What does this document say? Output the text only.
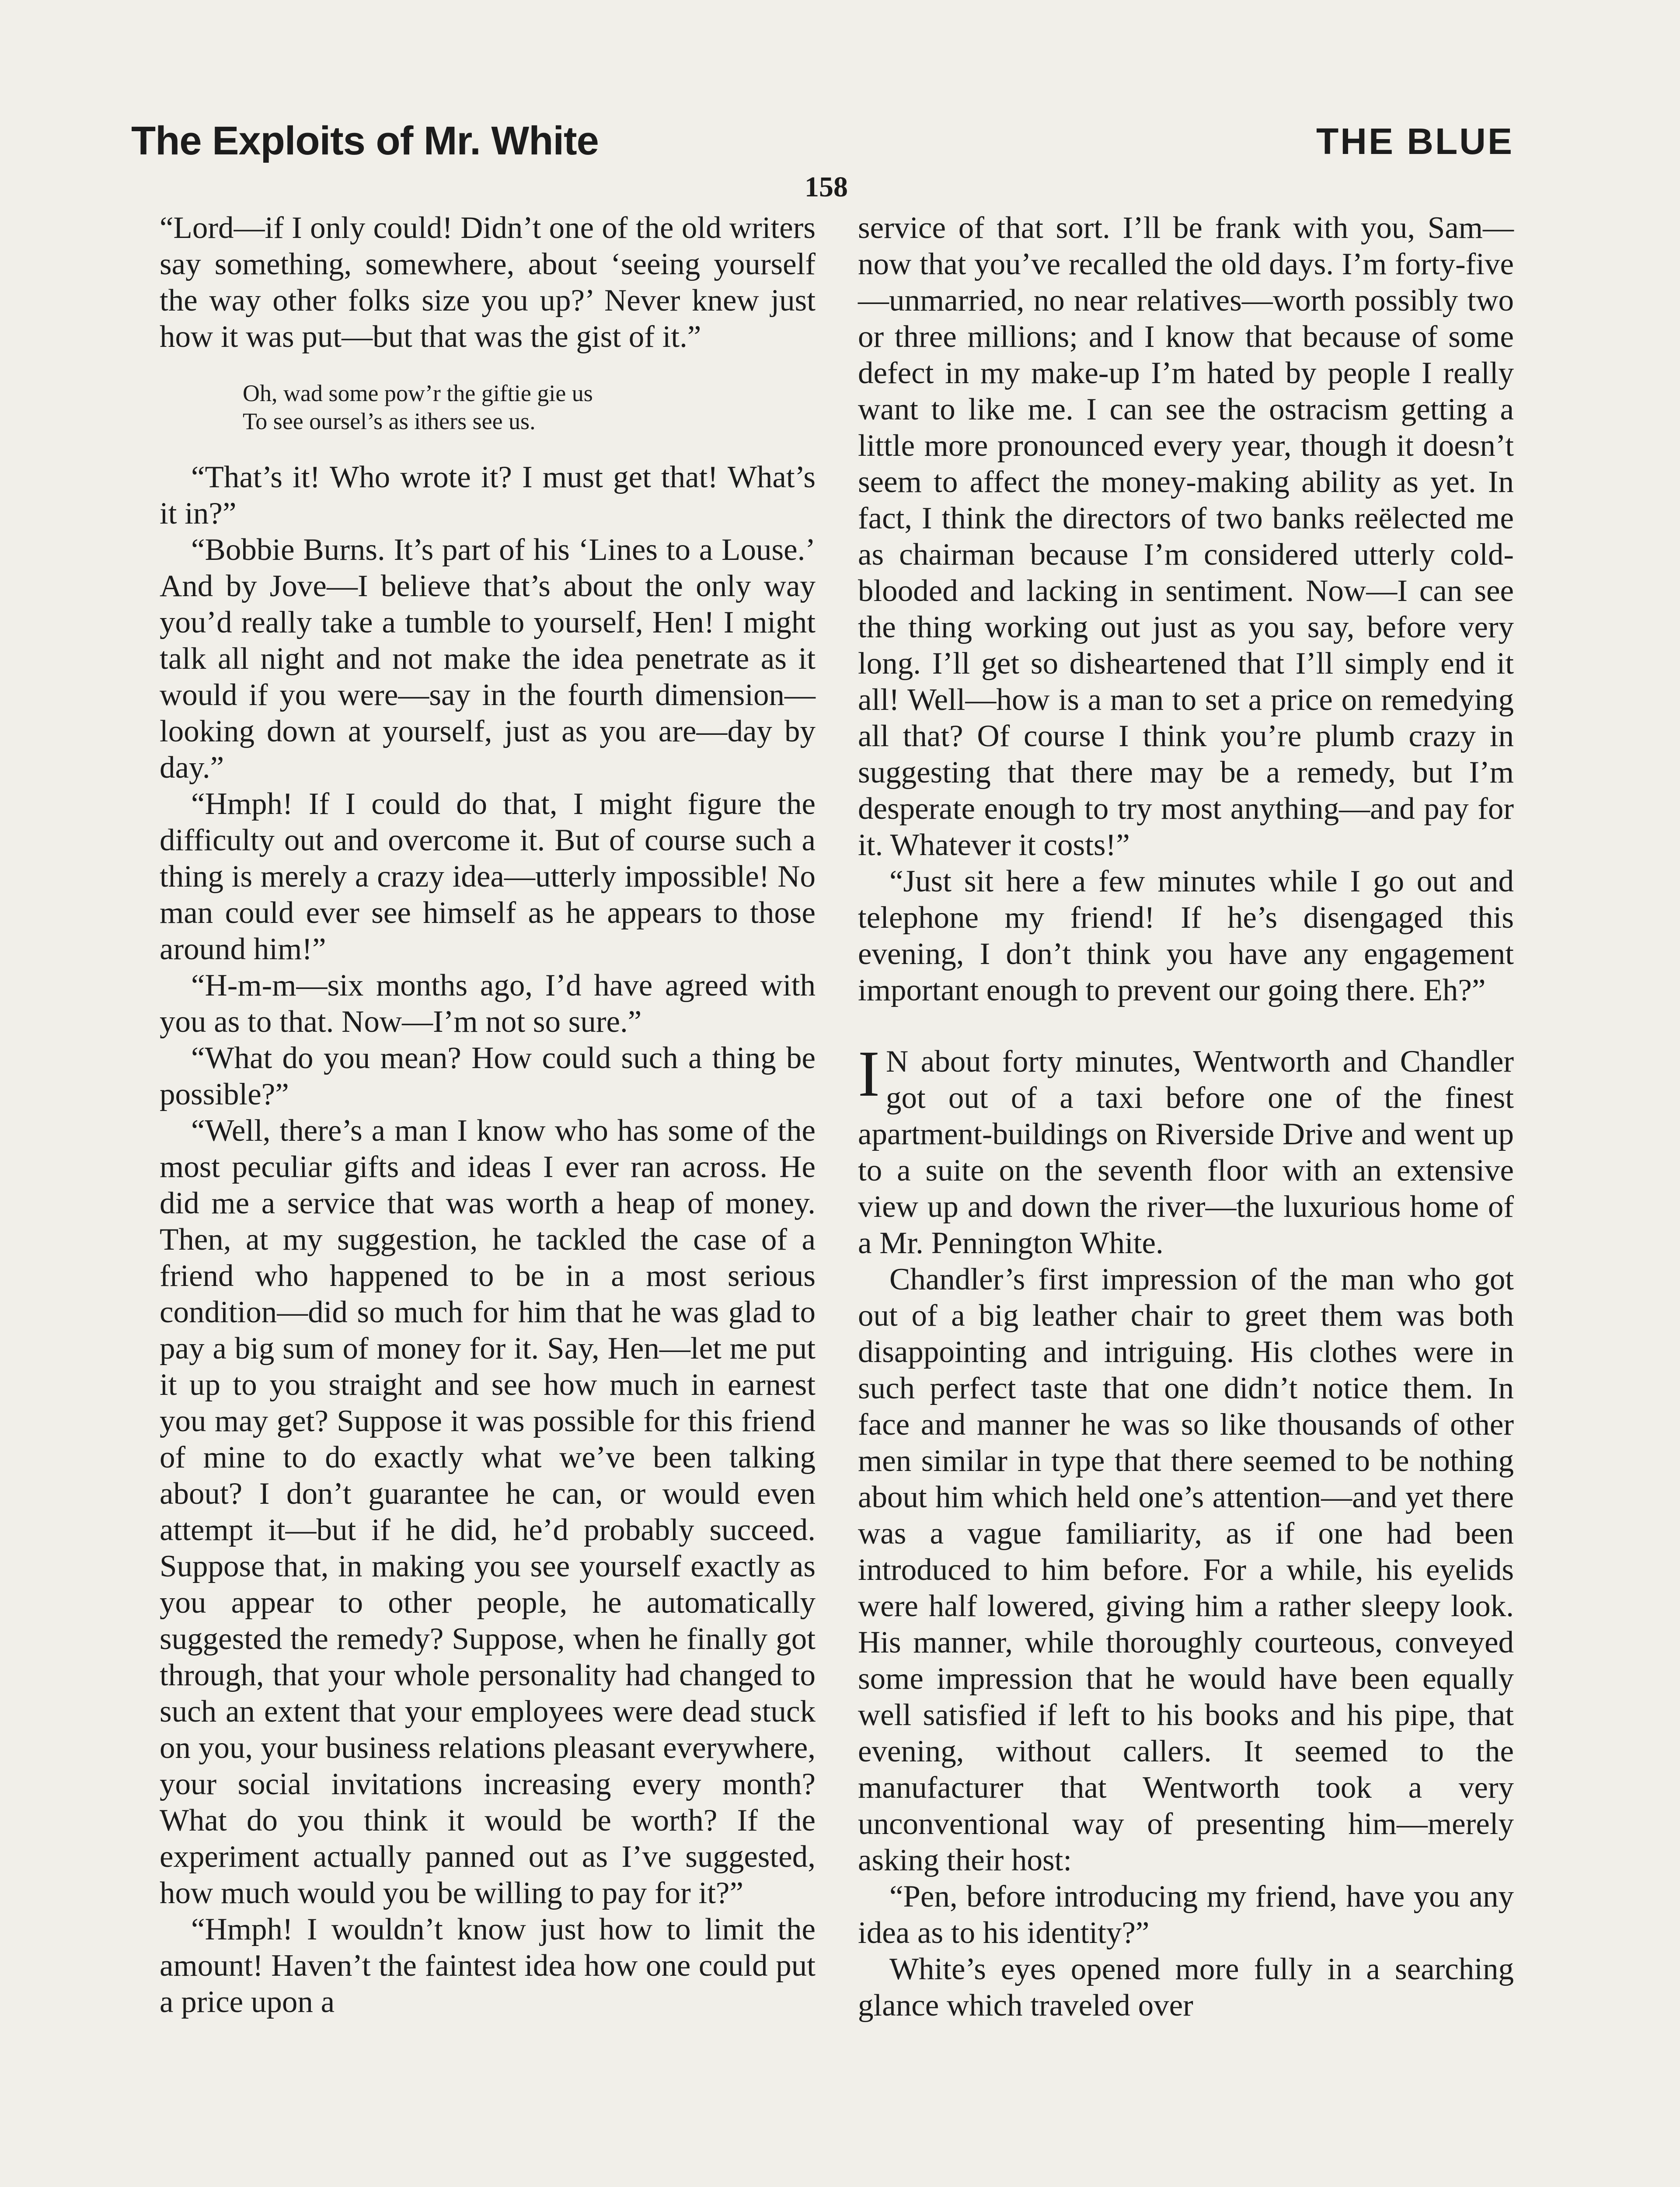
The Exploits of Mr. White	THE BLUE
158

“Lord—if I only could! Didn’t one of the old writers say something, somewhere, about ‘seeing yourself the way other folks size you up?’ Never knew just how it was put—but that was the gist of it.”

Oh, wad some pow’r the giftie gie us
To see oursel’s as ithers see us.

“That’s it! Who wrote it? I must get that! What’s it in?”

“Bobbie Burns. It’s part of his ‘Lines to a Louse.’ And by Jove—I believe that’s about the only way you’d really take a tumble to yourself, Hen! I might talk all night and not make the idea penetrate as it would if you were—say in the fourth dimension—looking down at yourself, just as you are—day by day.”

“Hmph! If I could do that, I might figure the difficulty out and overcome it. But of course such a thing is merely a crazy idea—utterly impossible! No man could ever see himself as he appears to those around him!”

“H-m-m—six months ago, I’d have agreed with you as to that. Now—I’m not so sure.”

“What do you mean? How could such a thing be possible?”

“Well, there’s a man I know who has some of the most peculiar gifts and ideas I ever ran across. He did me a service that was worth a heap of money. Then, at my suggestion, he tackled the case of a friend who happened to be in a most serious condition—did so much for him that he was glad to pay a big sum of money for it. Say, Hen—let me put it up to you straight and see how much in earnest you may get? Suppose it was possible for this friend of mine to do exactly what we’ve been talking about? I don’t guarantee he can, or would even attempt it—but if he did, he’d probably succeed. Suppose that, in making you see yourself exactly as you appear to other people, he automatically suggested the remedy? Suppose, when he finally got through, that your whole personality had changed to such an extent that your employees were dead stuck on you, your business relations pleasant everywhere, your social invitations increasing every month? What do you think it would be worth? If the experiment actually panned out as I’ve suggested, how much would you be willing to pay for it?”

“Hmph! I wouldn’t know just how to limit the amount! Haven’t the faintest idea how one could put a price upon a

service of that sort. I’ll be frank with you, Sam—now that you’ve recalled the old days. I’m forty-five—unmarried, no near relatives—worth possibly two or three millions; and I know that because of some defect in my make-up I’m hated by people I really want to like me. I can see the ostracism getting a little more pronounced every year, though it doesn’t seem to affect the money-making ability as yet. In fact, I think the directors of two banks reëlected me as chairman because I’m considered utterly cold-blooded and lacking in sentiment. Now—I can see the thing working out just as you say, before very long. I’ll get so disheartened that I’ll simply end it all! Well—how is a man to set a price on remedying all that? Of course I think you’re plumb crazy in suggesting that there may be a remedy, but I’m desperate enough to try most anything—and pay for it. Whatever it costs!”

“Just sit here a few minutes while I go out and telephone my friend! If he’s disengaged this evening, I don’t think you have any engagement important enough to prevent our going there. Eh?”

I N about forty minutes, Wentworth and Chandler got out of a taxi before one of the finest apartment-buildings on Riverside Drive and went up to a suite on the seventh floor with an extensive view up and down the river—the luxurious home of a Mr. Pennington White.

Chandler’s first impression of the man who got out of a big leather chair to greet them was both disappointing and intriguing. His clothes were in such perfect taste that one didn’t notice them. In face and manner he was so like thousands of other men similar in type that there seemed to be nothing about him which held one’s attention—and yet there was a vague familiarity, as if one had been introduced to him before. For a while, his eyelids were half lowered, giving him a rather sleepy look. His manner, while thoroughly courteous, conveyed some impression that he would have been equally well satisfied if left to his books and his pipe, that evening, without callers. It seemed to the manufacturer that Wentworth took a very unconventional way of presenting him—merely asking their host:

“Pen, before introducing my friend, have you any idea as to his identity?”

White’s eyes opened more fully in a searching glance which traveled over
